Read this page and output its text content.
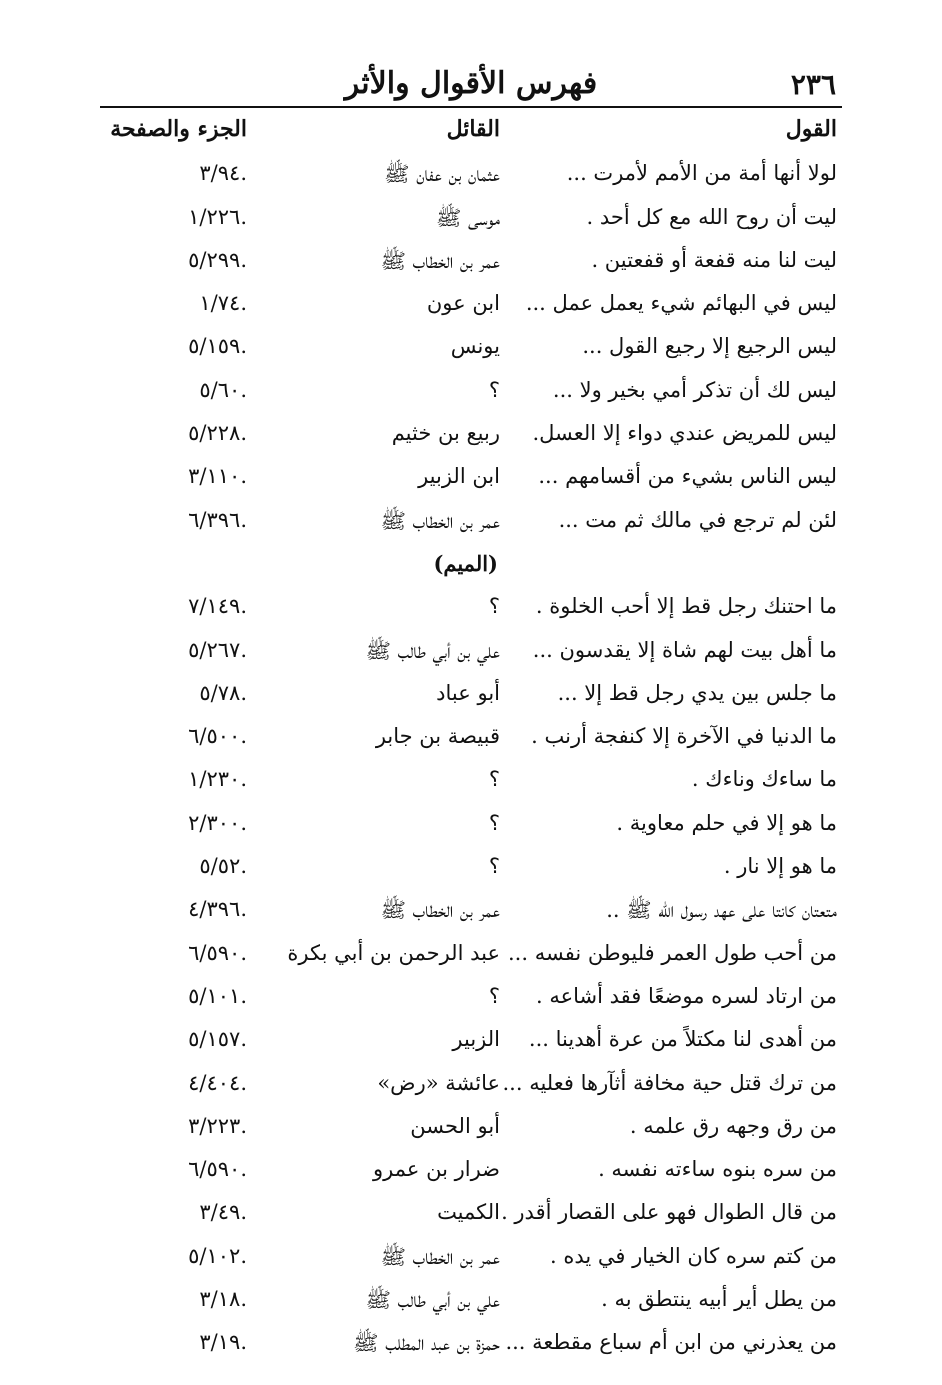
٢٣٦
فهرس الأقوال والأثر
القول
القائل
الجزء والصفحة
لولا أنها أمة من الأمم لأمرت ...
عثمان بن عفان ﷺ
٣/٩٤.
ليت أن روح الله مع كل أحد .
موسى ﷺ
١/٢٢٦.
ليت لنا منه قفعة أو قفعتين .
عمر بن الخطاب ﷺ
٥/٢٩٩.
ليس في البهائم شيء يعمل عمل ...
ابن عون
١/٧٤.
ليس الرجيع إلا رجيع القول ...
يونس
٥/١٥٩.
ليس لك أن تذكر أمي بخير ولا ...
؟
٥/٦٠.
ليس للمريض عندي دواء إلا العسل.
ربيع بن خثيم
٥/٢٢٨.
ليس الناس بشيء من أقسامهم ...
ابن الزبير
٣/١١٠.
لئن لم ترجع في مالك ثم مت ...
عمر بن الخطاب ﷺ
٦/٣٩٦.
(الميم)
ما احتنك رجل قط إلا أحب الخلوة .
؟
٧/١٤٩.
ما أهل بيت لهم شاة إلا يقدسون ...
علي بن أبي طالب ﷺ
٥/٢٦٧.
ما جلس بين يدي رجل قط إلا ...
أبو عباد
٥/٧٨.
ما الدنيا في الآخرة إلا كنفجة أرنب .
قبيصة بن جابر
٦/٥٠٠.
ما ساءك وناءك .
؟
١/٢٣٠.
ما هو إلا في حلم معاوية .
؟
٢/٣٠٠.
ما هو إلا نار .
؟
٥/٥٢.
متعتان كانتا على عهد رسول الله ﷺ ..
عمر بن الخطاب ﷺ
٤/٣٩٦.
من أحب طول العمر فليوطن نفسه ...
عبد الرحمن بن أبي بكرة
٦/٥٩٠.
من ارتاد لسره موضعًا فقد أشاعه .
؟
٥/١٠١.
من أهدى لنا مكتلاً من عرة أهدينا ...
الزبير
٥/١٥٧.
من ترك قتل حية مخافة أثآرها فعليه ...
عائشة «رض»
٤/٤٠٤.
من رق وجهه رق علمه .
أبو الحسن
٣/٢٢٣.
من سره بنوه ساءته نفسه .
ضرار بن عمرو
٦/٥٩٠.
من قال الطوال فهو على القصار أقدر .
الكميت
٣/٤٩.
من كتم سره كان الخيار في يده .
عمر بن الخطاب ﷺ
٥/١٠٢.
من يطل أير أبيه ينتطق به .
علي بن أبي طالب ﷺ
٣/١٨.
من يعذرني من ابن أم سباع مقطعة ...
حمزة بن عبد المطلب ﷺ
٣/١٩.
